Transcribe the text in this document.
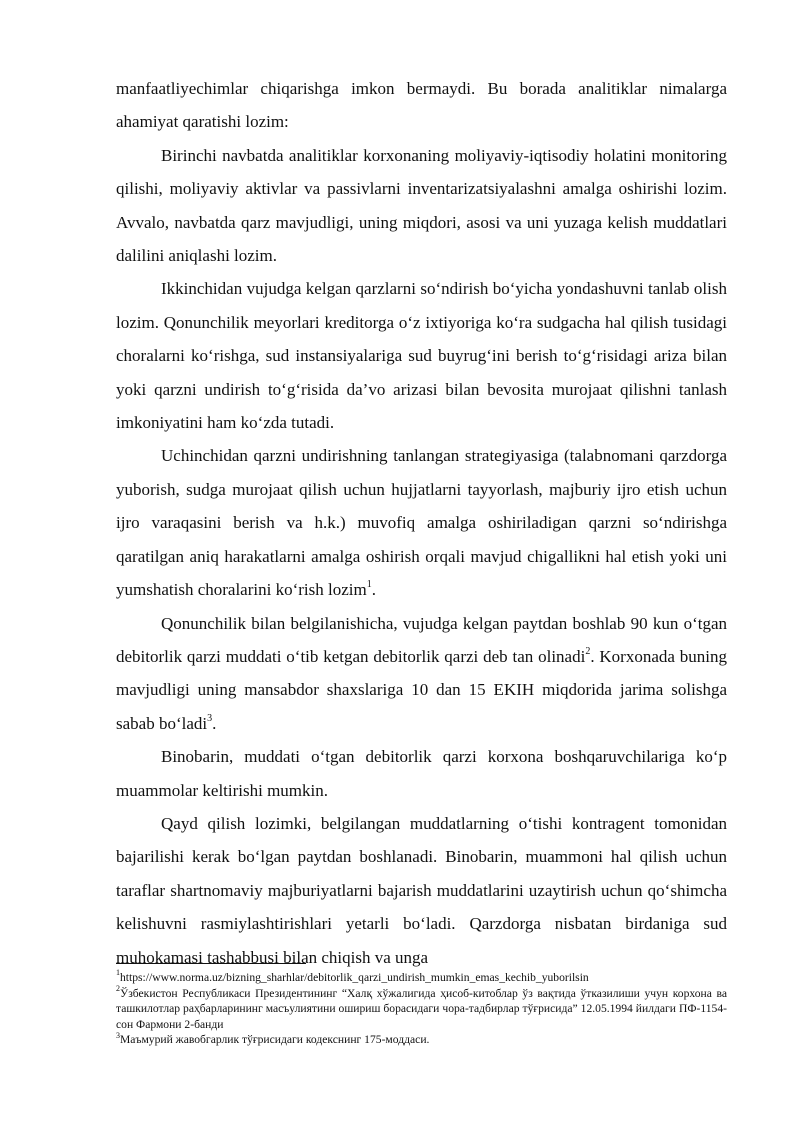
manfaatliyechimlar chiqarishga imkon bermaydi. Bu borada analitiklar nimalarga ahamiyat qaratishi lozim:

Birinchi navbatda analitiklar korxonaning moliyaviy-iqtisodiy holatini monitoring qilishi, moliyaviy aktivlar va passivlarni inventarizatsiyalashni amalga oshirishi lozim. Avvalo, navbatda qarz mavjudligi, uning miqdori, asosi va uni yuzaga kelish muddatlari dalilini aniqlashi lozim.

Ikkinchidan vujudga kelgan qarzlarni so‘ndirish bo‘yicha yondashuvni tanlab olish lozim. Qonunchilik meyorlari kreditorga o‘z ixtiyoriga ko‘ra sudgacha hal qilish tusidagi choralarni ko‘rishga, sud instansiyalariga sud buyrug‘ini berish to‘g‘risidagi ariza bilan yoki qarzni undirish to‘g‘risida da’vo arizasi bilan bevosita murojaat qilishni tanlash imkoniyatini ham ko‘zda tutadi.

Uchinchidan qarzni undirishning tanlangan strategiyasiga (talabnomani qarzdorga yuborish, sudga murojaat qilish uchun hujjatlarni tayyorlash, majburiy ijro etish uchun ijro varaqasini berish va h.k.) muvofiq amalga oshiriladigan qarzni so‘ndirishga qaratilgan aniq harakatlarni amalga oshirish orqali mavjud chigallikni hal etish yoki uni yumshatish choralarini ko‘rish lozim$^1$.

Qonunchilik bilan belgilanishicha, vujudga kelgan paytdan boshlab 90 kun o‘tgan debitorlik qarzi muddati o‘tib ketgan debitorlik qarzi deb tan olinadi$^2$. Korxonada buning mavjudligi uning mansabdor shaxslariga 10 dan 15 EKIH miqdorida jarima solishga sabab bo‘ladi$^3$.

Binobarin, muddati o‘tgan debitorlik qarzi korxona boshqaruvchilariga ko‘p muammolar keltirishi mumkin.

Qayd qilish lozimki, belgilangan muddatlarning o‘tishi kontragent tomonidan bajarilishi kerak bo‘lgan paytdan boshlanadi. Binobarin, muammoni hal qilish uchun taraflar shartnomaviy majburiyatlarni bajarish muddatlarini uzaytirish uchun qo‘shimcha kelishuvni rasmiylashtirishlari yetarli bo‘ladi. Qarzdorga nisbatan birdaniga sud muhokamasi tashabbusi bilan chiqish va unga

$^1$https://www.norma.uz/bizning_sharhlar/debitorlik_qarzi_undirish_mumkin_emas_kechib_yuborilsin

$^2$Ўзбекистон Республикаси Президентининг “Халқ хўжалигида ҳисоб-китоблар ўз вақтида ўтказилиши учун корхона ва ташкилотлар раҳбарларининг масъулиятини ошириш борасидаги чора-тадбирлар тўғрисида” 12.05.1994 йилдаги ПФ-1154-сон Фармони 2-банди

$^3$Маъмурий жавобгарлик тўғрисидаги кодекснинг 175-моддаси.
